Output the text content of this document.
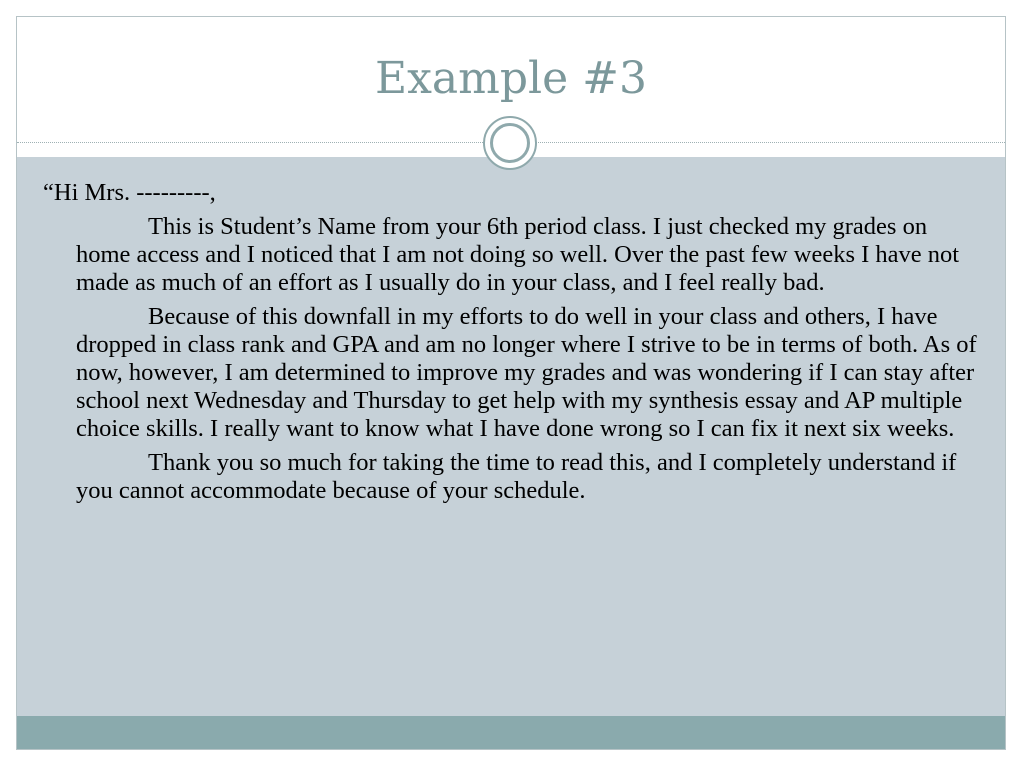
Example #3

“Hi Mrs. ---------,

This is Student’s Name from your 6th period class. I just checked my grades on home access and I noticed that I am not doing so well. Over the past few weeks I have not made as much of an effort as I usually do in your class, and I feel really bad.

Because of this downfall in my efforts to do well in your class and others, I have dropped in class rank and GPA and am no longer where I strive to be in terms of both. As of now, however, I am determined to improve my grades and was wondering if I can stay after school next Wednesday and Thursday to get help with my synthesis essay and AP multiple choice skills. I really want to know what I have done wrong so I can fix it next six weeks.

Thank you so much for taking the time to read this, and I completely understand if you cannot accommodate because of your schedule.
